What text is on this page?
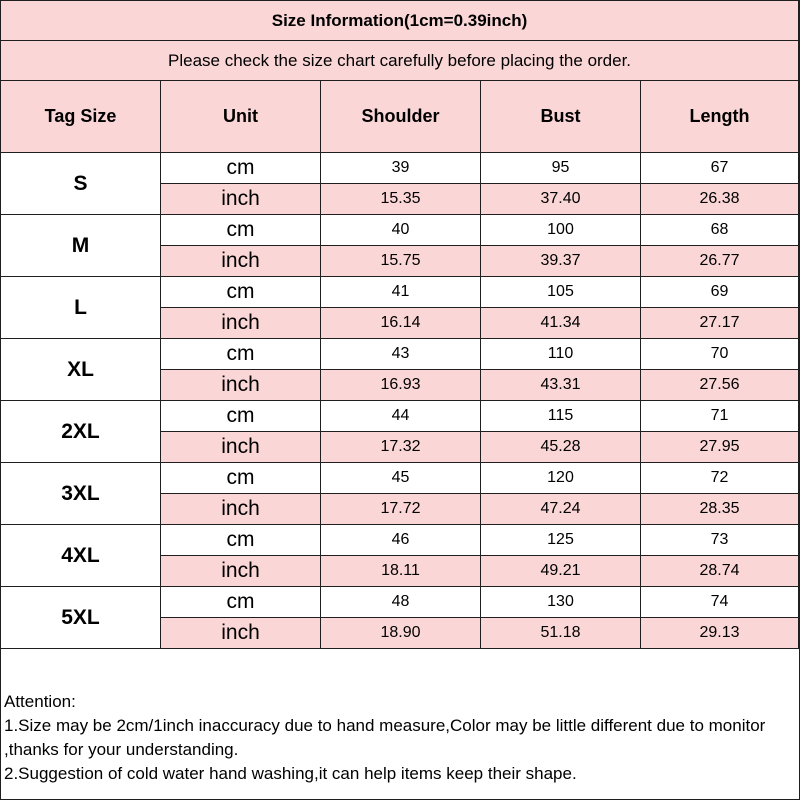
Size Information(1cm=0.39inch)				
Please check the size chart carefully before placing the order.				
Tag Size	Unit	Shoulder	Bust	Length
S	cm	39	95	67
	inch	15.35	37.40	26.38
M	cm	40	100	68
	inch	15.75	39.37	26.77
L	cm	41	105	69
	inch	16.14	41.34	27.17
XL	cm	43	110	70
	inch	16.93	43.31	27.56
2XL	cm	44	115	71
	inch	17.32	45.28	27.95
3XL	cm	45	120	72
	inch	17.72	47.24	28.35
4XL	cm	46	125	73
	inch	18.11	49.21	28.74
5XL	cm	48	130	74
	inch	18.90	51.18	29.13
Attention:
1.Size may be 2cm/1inch inaccuracy due to hand measure,Color may be little different due to monitor
,thanks for your understanding.
2.Suggestion of cold water hand washing,it can help items keep their shape.
